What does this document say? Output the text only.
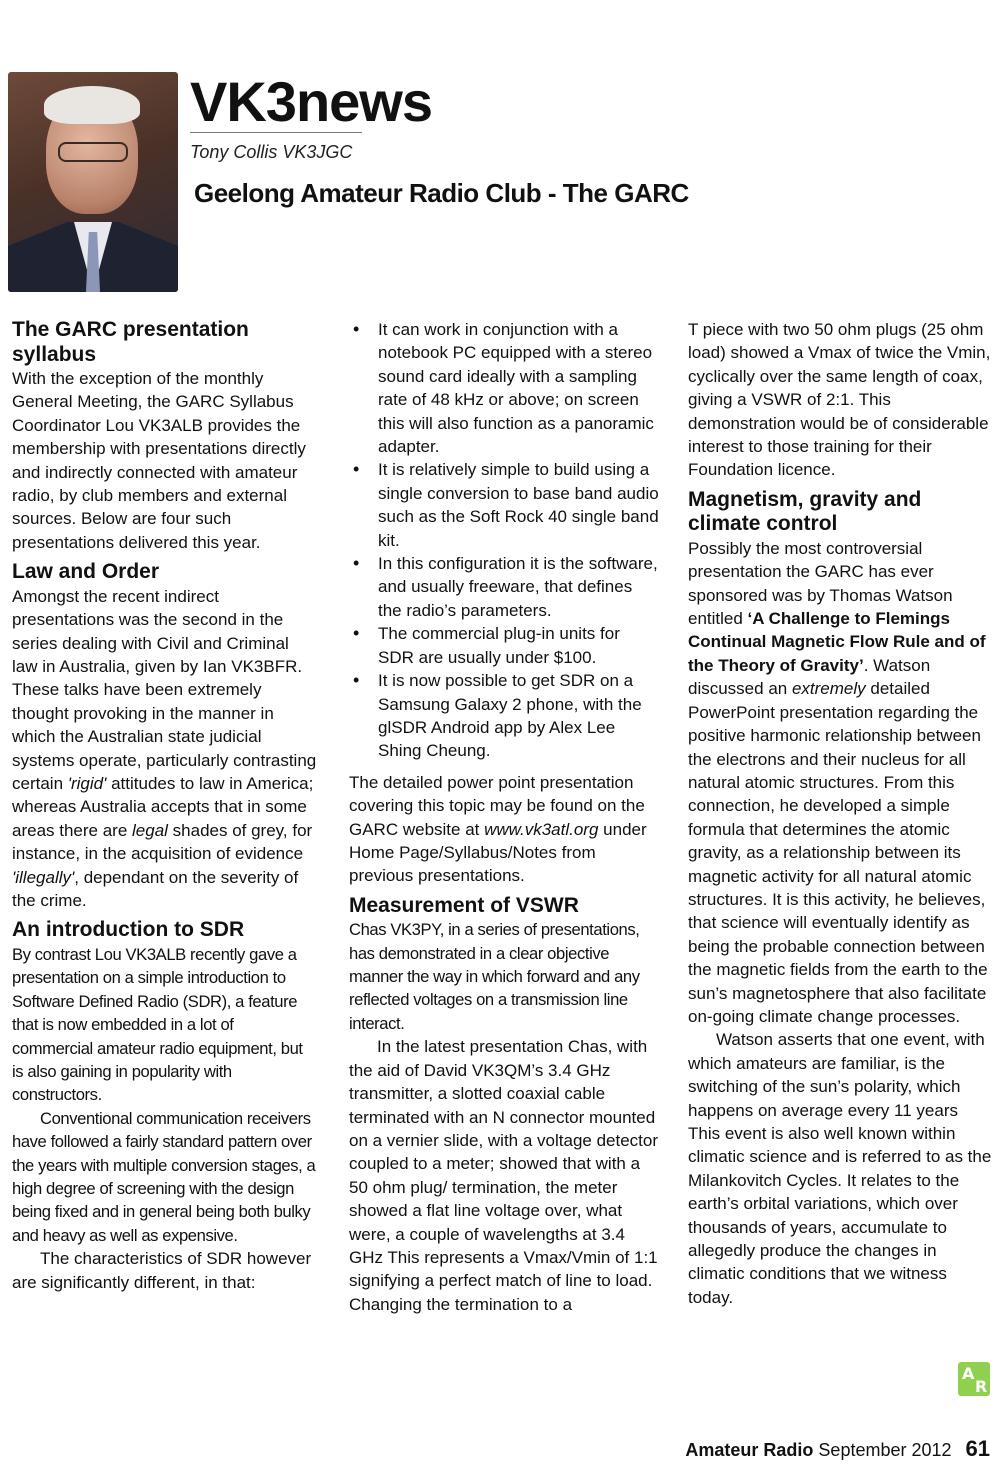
VK3news

Tony Collis VK3JGC

Geelong Amateur Radio Club - The GARC
The GARC presentation syllabus

With the exception of the monthly General Meeting, the GARC Syllabus Coordinator Lou VK3ALB provides the membership with presentations directly and indirectly connected with amateur radio, by club members and external sources. Below are four such presentations delivered this year.

Law and Order

Amongst the recent indirect presentations was the second in the series dealing with Civil and Criminal law in Australia, given by Ian VK3BFR. These talks have been extremely thought provoking in the manner in which the Australian state judicial systems operate, particularly contrasting certain 'rigid' attitudes to law in America; whereas Australia accepts that in some areas there are legal shades of grey, for instance, in the acquisition of evidence 'illegally', dependant on the severity of the crime.

An introduction to SDR

By contrast Lou VK3ALB recently gave a presentation on a simple introduction to Software Defined Radio (SDR), a feature that is now embedded in a lot of commercial amateur radio equipment, but is also gaining in popularity with constructors.

Conventional communication receivers have followed a fairly standard pattern over the years with multiple conversion stages, a high degree of screening with the design being fixed and in general being both bulky and heavy as well as expensive.

The characteristics of SDR however are significantly different, in that:

• It can work in conjunction with a notebook PC equipped with a stereo sound card ideally with a sampling rate of 48 kHz or above; on screen this will also function as a panoramic adapter.
• It is relatively simple to build using a single conversion to base band audio such as the Soft Rock 40 single band kit.
• In this configuration it is the software, and usually freeware, that defines the radio’s parameters.
• The commercial plug-in units for SDR are usually under $100.
• It is now possible to get SDR on a Samsung Galaxy 2 phone, with the glSDR Android app by Alex Lee Shing Cheung.

The detailed power point presentation covering this topic may be found on the GARC website at www.vk3atl.org under Home Page/Syllabus/Notes from previous presentations.

Measurement of VSWR

Chas VK3PY, in a series of presentations, has demonstrated in a clear objective manner the way in which forward and any reflected voltages on a transmission line interact.

In the latest presentation Chas, with the aid of David VK3QM’s 3.4 GHz transmitter, a slotted coaxial cable terminated with an N connector mounted on a vernier slide, with a voltage detector coupled to a meter; showed that with a 50 ohm plug/ termination, the meter showed a flat line voltage over, what were, a couple of wavelengths at 3.4 GHz This represents a Vmax/Vmin of 1:1 signifying a perfect match of line to load. Changing the termination to a

T piece with two 50 ohm plugs (25 ohm load) showed a Vmax of twice the Vmin, cyclically over the same length of coax, giving a VSWR of 2:1. This demonstration would be of considerable interest to those training for their Foundation licence.

Magnetism, gravity and climate control

Possibly the most controversial presentation the GARC has ever sponsored was by Thomas Watson entitled ‘A Challenge to Flemings Continual Magnetic Flow Rule and of the Theory of Gravity’. Watson discussed an extremely detailed PowerPoint presentation regarding the positive harmonic relationship between the electrons and their nucleus for all natural atomic structures. From this connection, he developed a simple formula that determines the atomic gravity, as a relationship between its magnetic activity for all natural atomic structures. It is this activity, he believes, that science will eventually identify as being the probable connection between the magnetic fields from the earth to the sun’s magnetosphere that also facilitate on-going climate change processes.

Watson asserts that one event, with which amateurs are familiar, is the switching of the sun’s polarity, which happens on average every 11 years This event is also well known within climatic science and is referred to as the Milankovitch Cycles. It relates to the earth’s orbital variations, which over thousands of years, accumulate to allegedly produce the changes in climatic conditions that we witness today.

A
R

Amateur Radio September 2012 61
